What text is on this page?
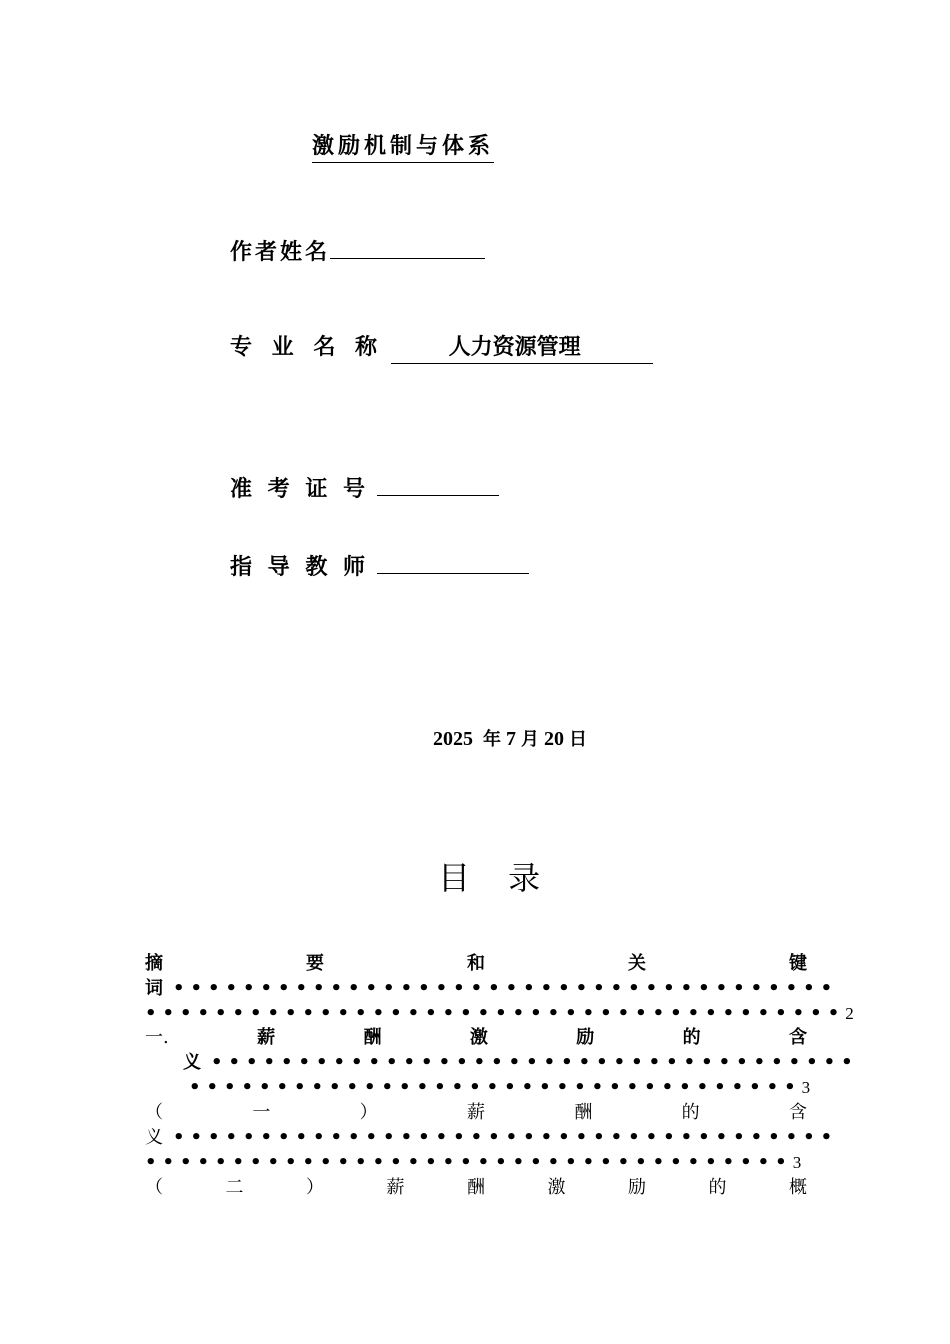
激励机制与体系
作者姓名
专 业 名 称	人力资源管理
准 考 证 号
指 导 教 师
2025 年 7 月 20 日
目 录
摘	要	和	关	键
词 ••••••••••••••••••••••••••••••••••••••
•••••••••••••••••••••••••••••••••••••••• 2
一.	薪	酬	激	励	的	含
义 •••••••••••••••••••••••••••••••••••••
••••••••••••••••••••••••••••••••••• 3
（	一	）	薪	酬	的	含
义 ••••••••••••••••••••••••••••••••••••••
••••••••••••••••••••••••••••••••••••• 3
（	二	）	薪	酬	激	励	的	概
